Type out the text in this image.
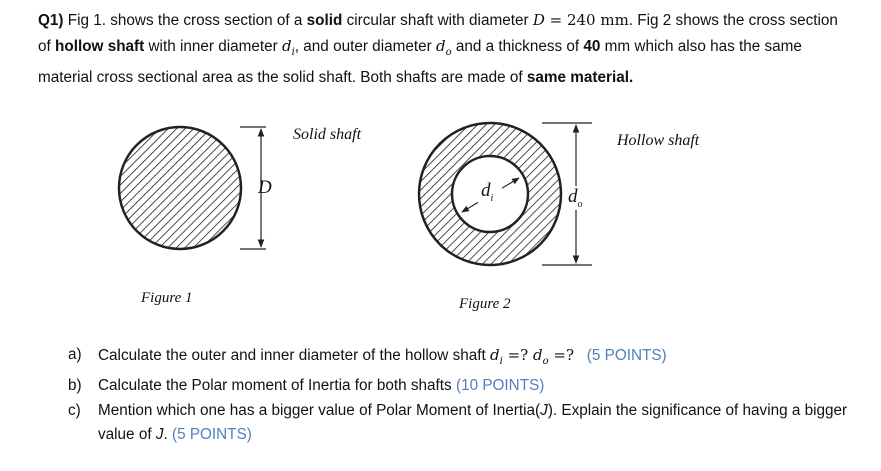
Q1) Fig 1. shows the cross section of a solid circular shaft with diameter D = 240 mm. Fig 2 shows the cross section of hollow shaft with inner diameter $d_i$, and outer diameter $d_o$ and a thickness of 40 mm which also has the same material cross sectional area as the solid shaft. Both shafts are made of same material.
Solid shaft
D
Figure 1
Hollow shaft
$d_i$	$d_o$
Figure 2
a)	Calculate the outer and inner diameter of the hollow shaft $d_i$ =? $d_o$ =? (5 POINTS)
b)	Calculate the Polar moment of Inertia for both shafts (10 POINTS)
c)	Mention which one has a bigger value of Polar Moment of Inertia(J). Explain the significance of having a bigger value of J. (5 POINTS)
